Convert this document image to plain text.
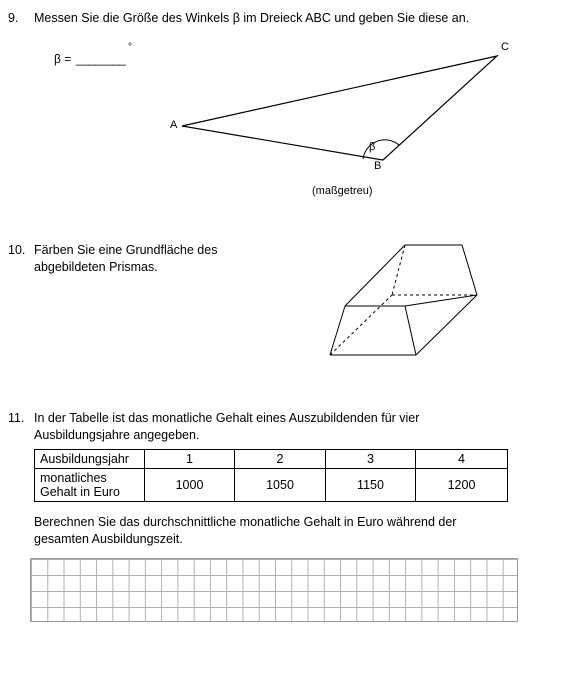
9. Messen Sie die Größe des Winkels β im Dreieck ABC und geben Sie diese an.
β = ________
°
A
B
C
β
(maßgetreu)
10. Färben Sie eine Grundfläche des
abgebildeten Prismas.
11. In der Tabelle ist das monatliche Gehalt eines Auszubildenden für vier
Ausbildungsjahre angegeben.
Ausbildungsjahr	1	2	3	4

monatliches
Gehalt in Euro	1000	1050	1150	1200
Berechnen Sie das durchschnittliche monatliche Gehalt in Euro während der
gesamten Ausbildungszeit.
